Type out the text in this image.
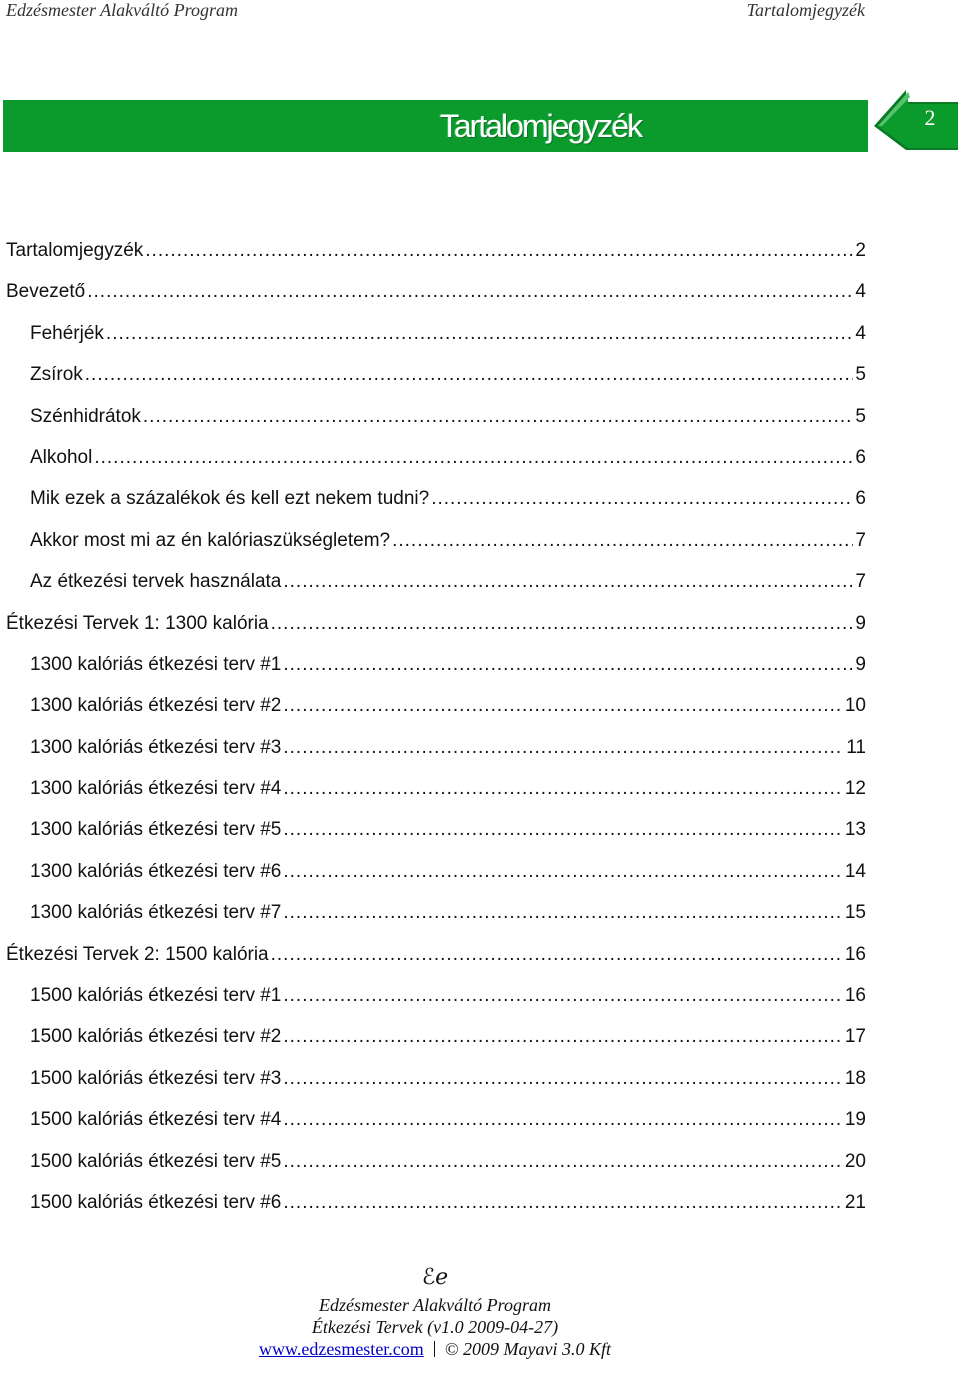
Edzésmester Alakváltó Program	Tartalomjegyzék
Tartalomjegyzék	2
Tartalomjegyzék .....	2
Bevezető .....	4
Fehérjék .....	4
Zsírok .....	5
Szénhidrátok .....	5
Alkohol .....	6
Mik ezek a százalékok és kell ezt nekem tudni? .....	6
Akkor most mi az én kalóriaszükségletem? .....	7
Az étkezési tervek használata .....	7
Étkezési Tervek 1: 1300 kalória .....	9
1300 kalóriás étkezési terv #1 .....	9
1300 kalóriás étkezési terv #2 .....	10
1300 kalóriás étkezési terv #3 .....	11
1300 kalóriás étkezési terv #4 .....	12
1300 kalóriás étkezési terv #5 .....	13
1300 kalóriás étkezési terv #6 .....	14
1300 kalóriás étkezési terv #7 .....	15
Étkezési Tervek 2: 1500 kalória .....	16
1500 kalóriás étkezési terv #1 .....	16
1500 kalóriás étkezési terv #2 .....	17
1500 kalóriás étkezési terv #3 .....	18
1500 kalóriás étkezési terv #4 .....	19
1500 kalóriás étkezési terv #5 .....	20
1500 kalóriás étkezési terv #6 .....	21
ℰℯ
Edzésmester Alakváltó Program
Étkezési Tervek (v1.0 2009-04-27)
www.edzesmester.com © 2009 Mayavi 3.0 Kft
